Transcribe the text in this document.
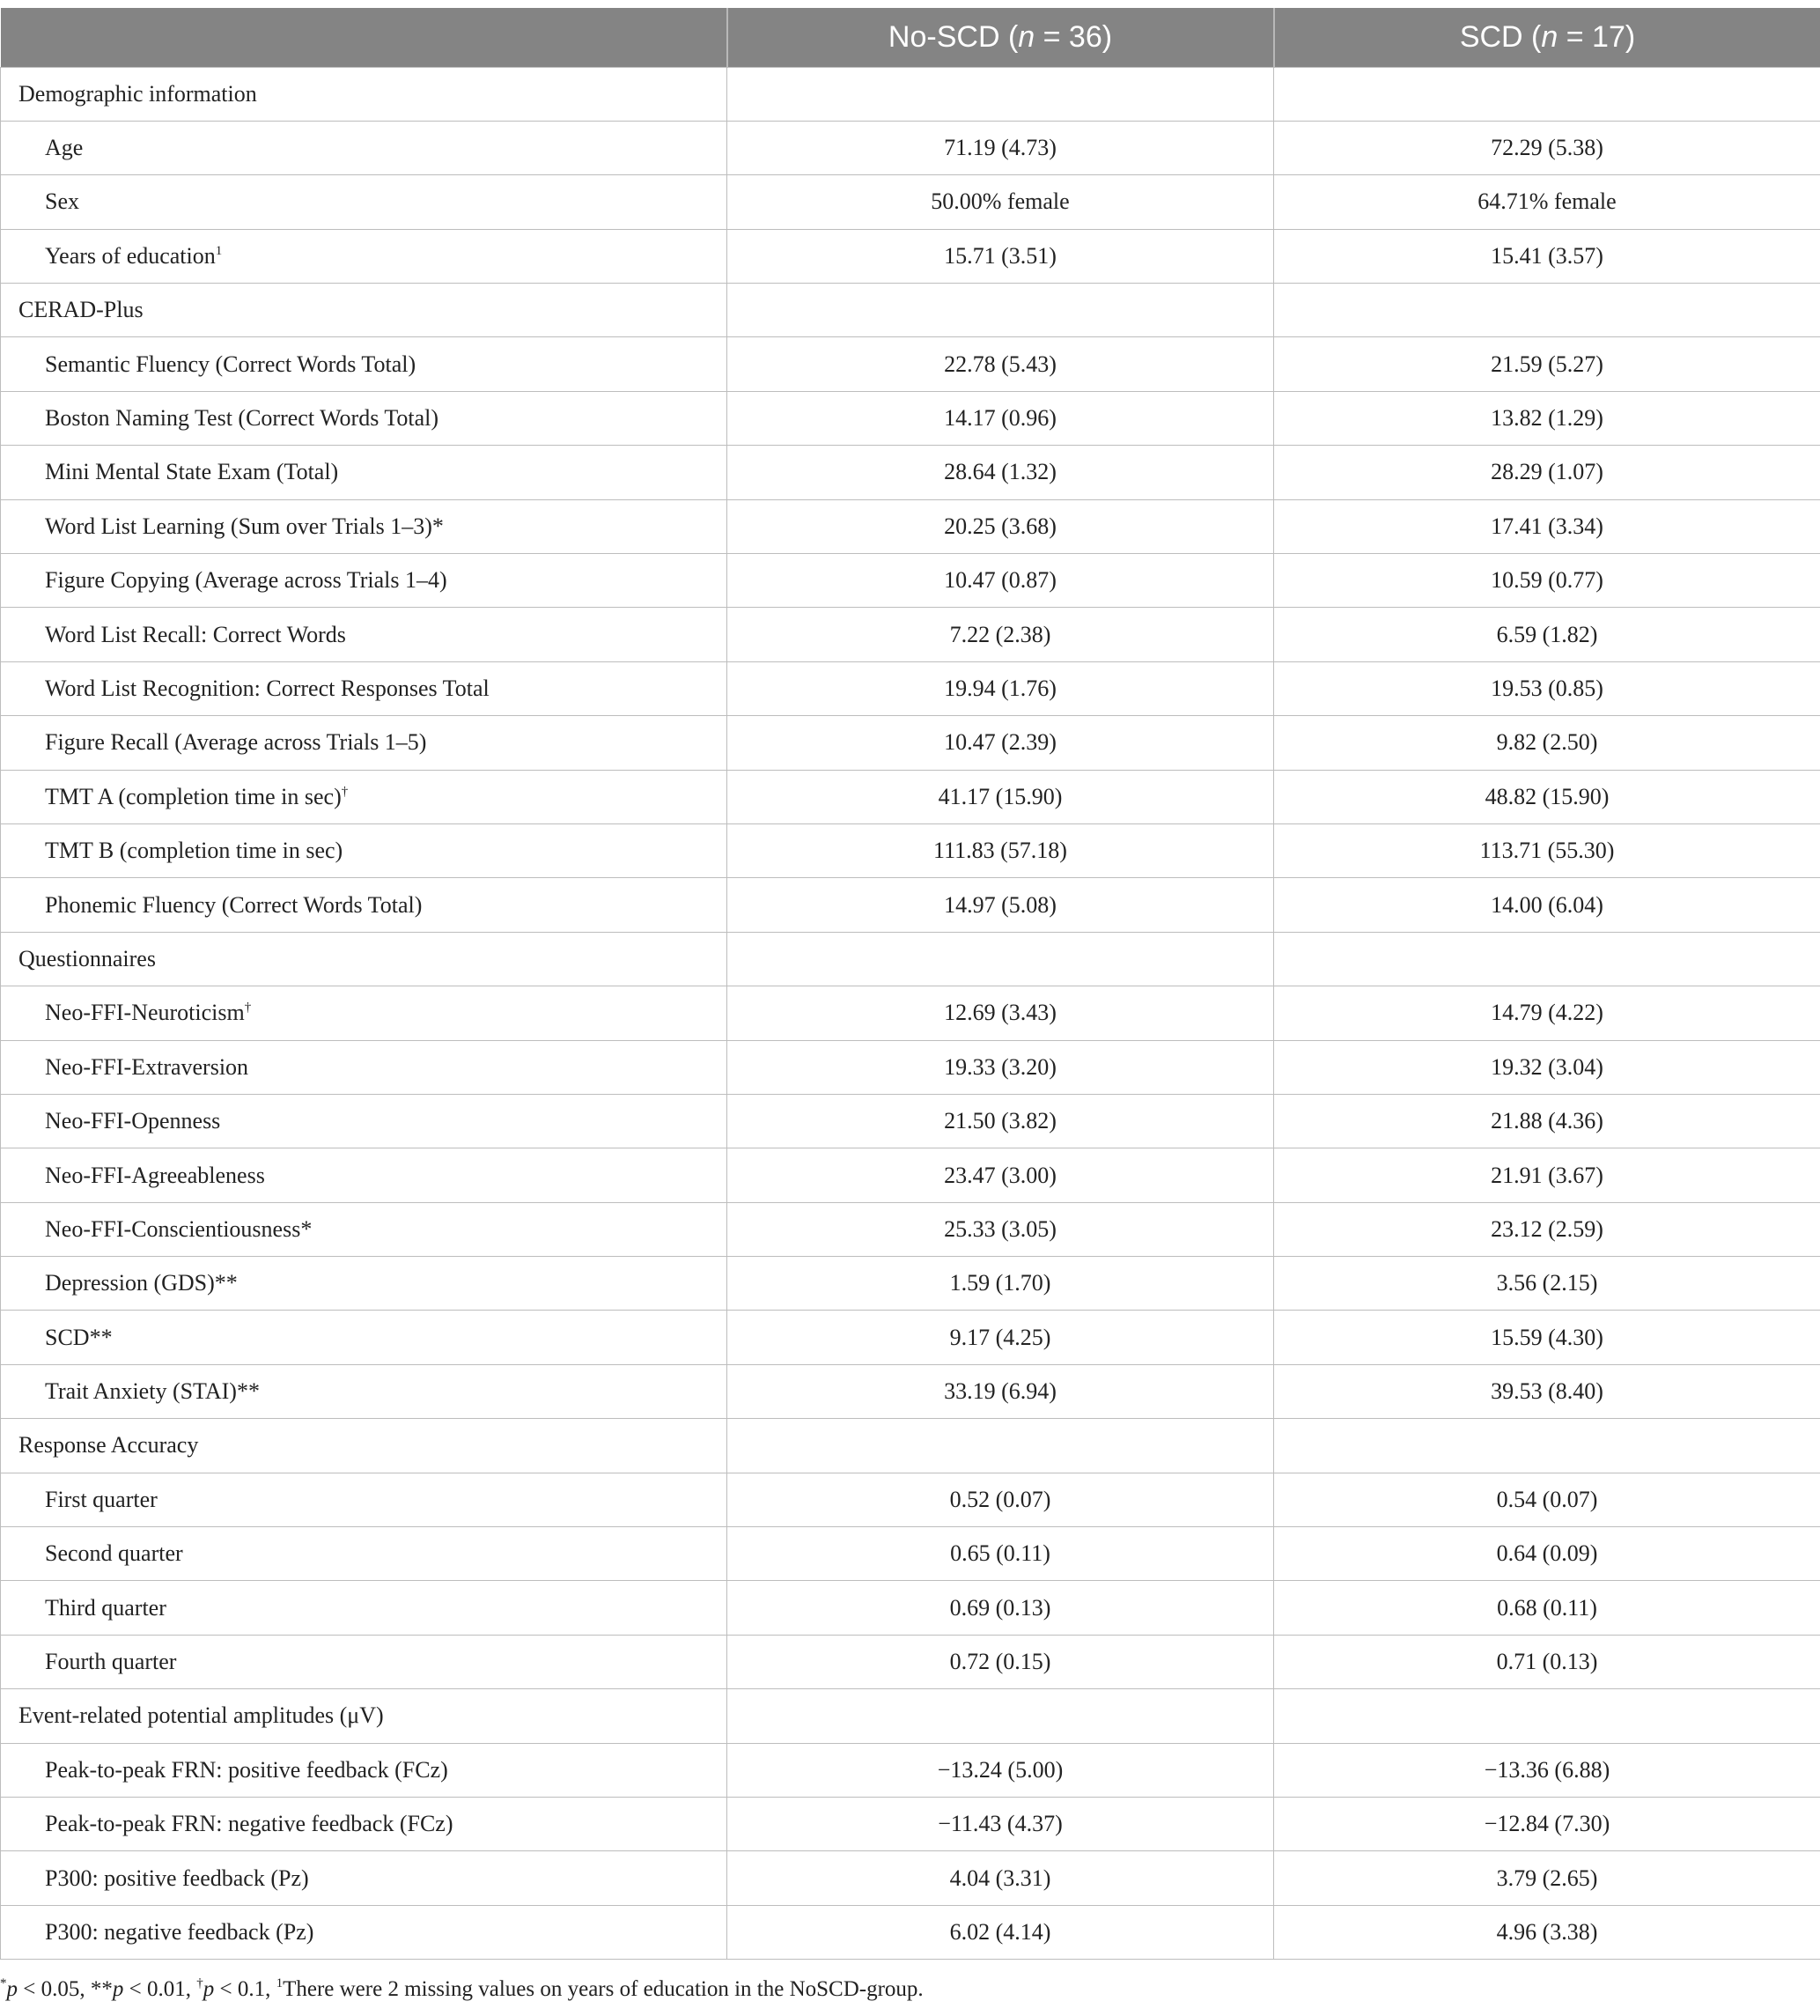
	No-SCD (n = 36)	SCD (n = 17)
Demographic information		
Age	71.19 (4.73)	72.29 (5.38)
Sex	50.00% female	64.71% female
Years of education$^1$	15.71 (3.51)	15.41 (3.57)
CERAD-Plus		
Semantic Fluency (Correct Words Total)	22.78 (5.43)	21.59 (5.27)
Boston Naming Test (Correct Words Total)	14.17 (0.96)	13.82 (1.29)
Mini Mental State Exam (Total)	28.64 (1.32)	28.29 (1.07)
Word List Learning (Sum over Trials 1–3)*	20.25 (3.68)	17.41 (3.34)
Figure Copying (Average across Trials 1–4)	10.47 (0.87)	10.59 (0.77)
Word List Recall: Correct Words	7.22 (2.38)	6.59 (1.82)
Word List Recognition: Correct Responses Total	19.94 (1.76)	19.53 (0.85)
Figure Recall (Average across Trials 1–5)	10.47 (2.39)	9.82 (2.50)
TMT A (completion time in sec)†	41.17 (15.90)	48.82 (15.90)
TMT B (completion time in sec)	111.83 (57.18)	113.71 (55.30)
Phonemic Fluency (Correct Words Total)	14.97 (5.08)	14.00 (6.04)
Questionnaires		
Neo-FFI-Neuroticism†	12.69 (3.43)	14.79 (4.22)
Neo-FFI-Extraversion	19.33 (3.20)	19.32 (3.04)
Neo-FFI-Openness	21.50 (3.82)	21.88 (4.36)
Neo-FFI-Agreeableness	23.47 (3.00)	21.91 (3.67)
Neo-FFI-Conscientiousness*	25.33 (3.05)	23.12 (2.59)
Depression (GDS)**	1.59 (1.70)	3.56 (2.15)
SCD**	9.17 (4.25)	15.59 (4.30)
Trait Anxiety (STAI)**	33.19 (6.94)	39.53 (8.40)
Response Accuracy		
First quarter	0.52 (0.07)	0.54 (0.07)
Second quarter	0.65 (0.11)	0.64 (0.09)
Third quarter	0.69 (0.13)	0.68 (0.11)
Fourth quarter	0.72 (0.15)	0.71 (0.13)
Event-related potential amplitudes (μV)		
Peak-to-peak FRN: positive feedback (FCz)	−13.24 (5.00)	−13.36 (6.88)
Peak-to-peak FRN: negative feedback (FCz)	−11.43 (4.37)	−12.84 (7.30)
P300: positive feedback (Pz)	4.04 (3.31)	3.79 (2.65)
P300: negative feedback (Pz)	6.02 (4.14)	4.96 (3.38)
*p < 0.05, **p < 0.01, †p < 0.1, $^1$There were 2 missing values on years of education in the NoSCD-group.
